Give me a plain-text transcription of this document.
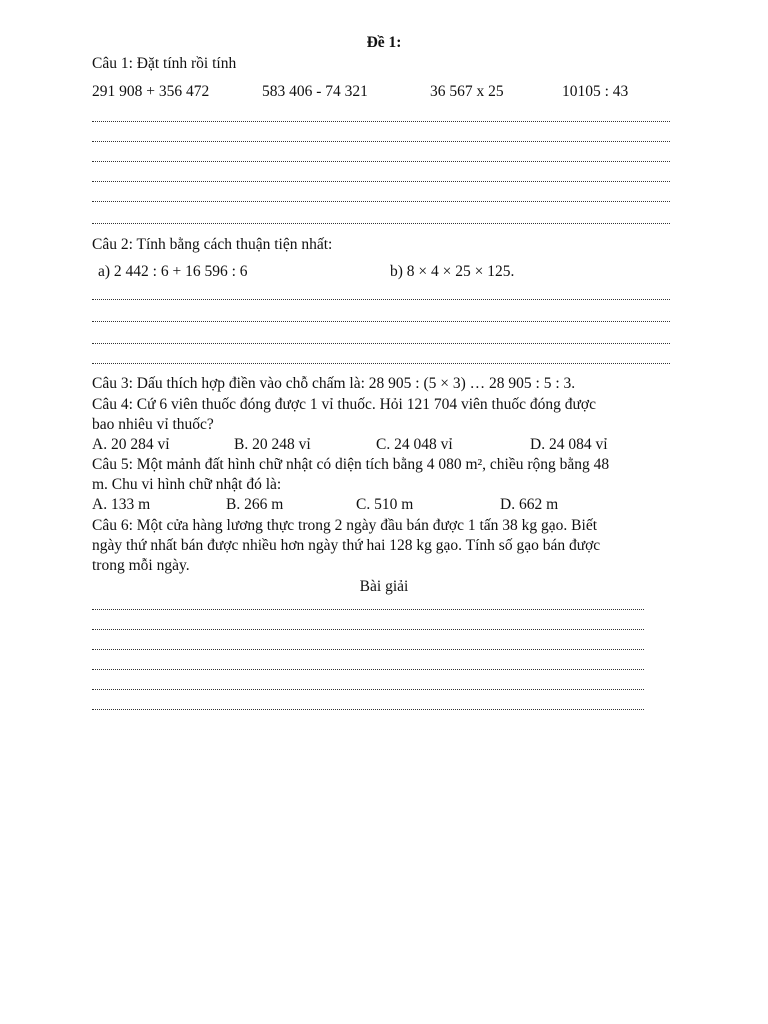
Đề 1:
Câu 1: Đặt tính rồi tính
291 908 + 356 472	583 406 - 74 321	36 567 x 25	10105 : 43
Câu 2: Tính bằng cách thuận tiện nhất:
a) 2 442 : 6 + 16 596 : 6	b) 8 × 4 × 25 × 125.
Câu 3: Dấu thích hợp điền vào chỗ chấm là: 28 905 : (5 × 3) … 28 905 : 5 : 3.
Câu 4: Cứ 6 viên thuốc đóng được 1 vỉ thuốc. Hỏi 121 704 viên thuốc đóng được
bao nhiêu vỉ thuốc?
A. 20 284 vỉ	B. 20 248 vỉ	C. 24 048 vỉ	D. 24 084 vỉ
Câu 5: Một mảnh đất hình chữ nhật có diện tích bằng 4 080 m², chiều rộng bằng 48
m. Chu vi hình chữ nhật đó là:
A. 133 m	B. 266 m	C. 510 m	D. 662 m
Câu 6: Một cửa hàng lương thực trong 2 ngày đầu bán được 1 tấn 38 kg gạo. Biết
ngày thứ nhất bán được nhiều hơn ngày thứ hai 128 kg gạo. Tính số gạo bán được
trong mỗi ngày.
Bài giải
